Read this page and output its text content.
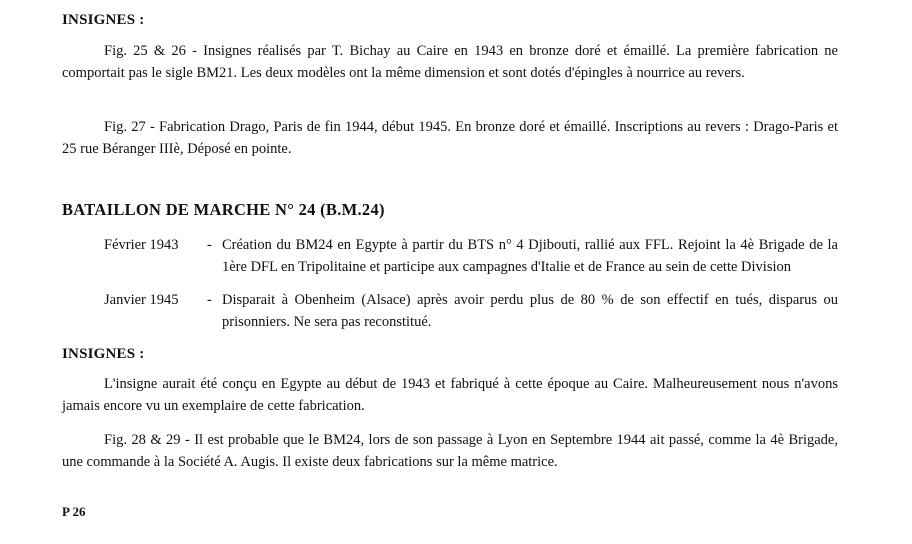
INSIGNES :
Fig. 25 & 26 - Insignes réalisés par T. Bichay au Caire en 1943 en bronze doré et émaillé. La première fabrication ne comportait pas le sigle BM21. Les deux modèles ont la même dimension et sont dotés d'épingles à nourrice au revers.
Fig. 27 - Fabrication Drago, Paris de fin 1944, début 1945. En bronze doré et émaillé. Inscriptions au revers : Drago-Paris et 25 rue Béranger IIIè, Déposé en pointe.
BATAILLON DE MARCHE N° 24 (B.M.24)
Février 1943 - Création du BM24 en Egypte à partir du BTS n° 4 Djibouti, rallié aux FFL. Rejoint la 4è Brigade de la 1ère DFL en Tripolitaine et participe aux campagnes d'Italie et de France au sein de cette Division
Janvier 1945 - Disparait à Obenheim (Alsace) après avoir perdu plus de 80 % de son effectif en tués, disparus ou prisonniers. Ne sera pas reconstitué.
INSIGNES :
L'insigne aurait été conçu en Egypte au début de 1943 et fabriqué à cette époque au Caire. Malheureusement nous n'avons jamais encore vu un exemplaire de cette fabrication.
Fig. 28 & 29 - Il est probable que le BM24, lors de son passage à Lyon en Septembre 1944 ait passé, comme la 4è Brigade, une commande à la Société A. Augis. Il existe deux fabrications sur la même matrice.
P 26
